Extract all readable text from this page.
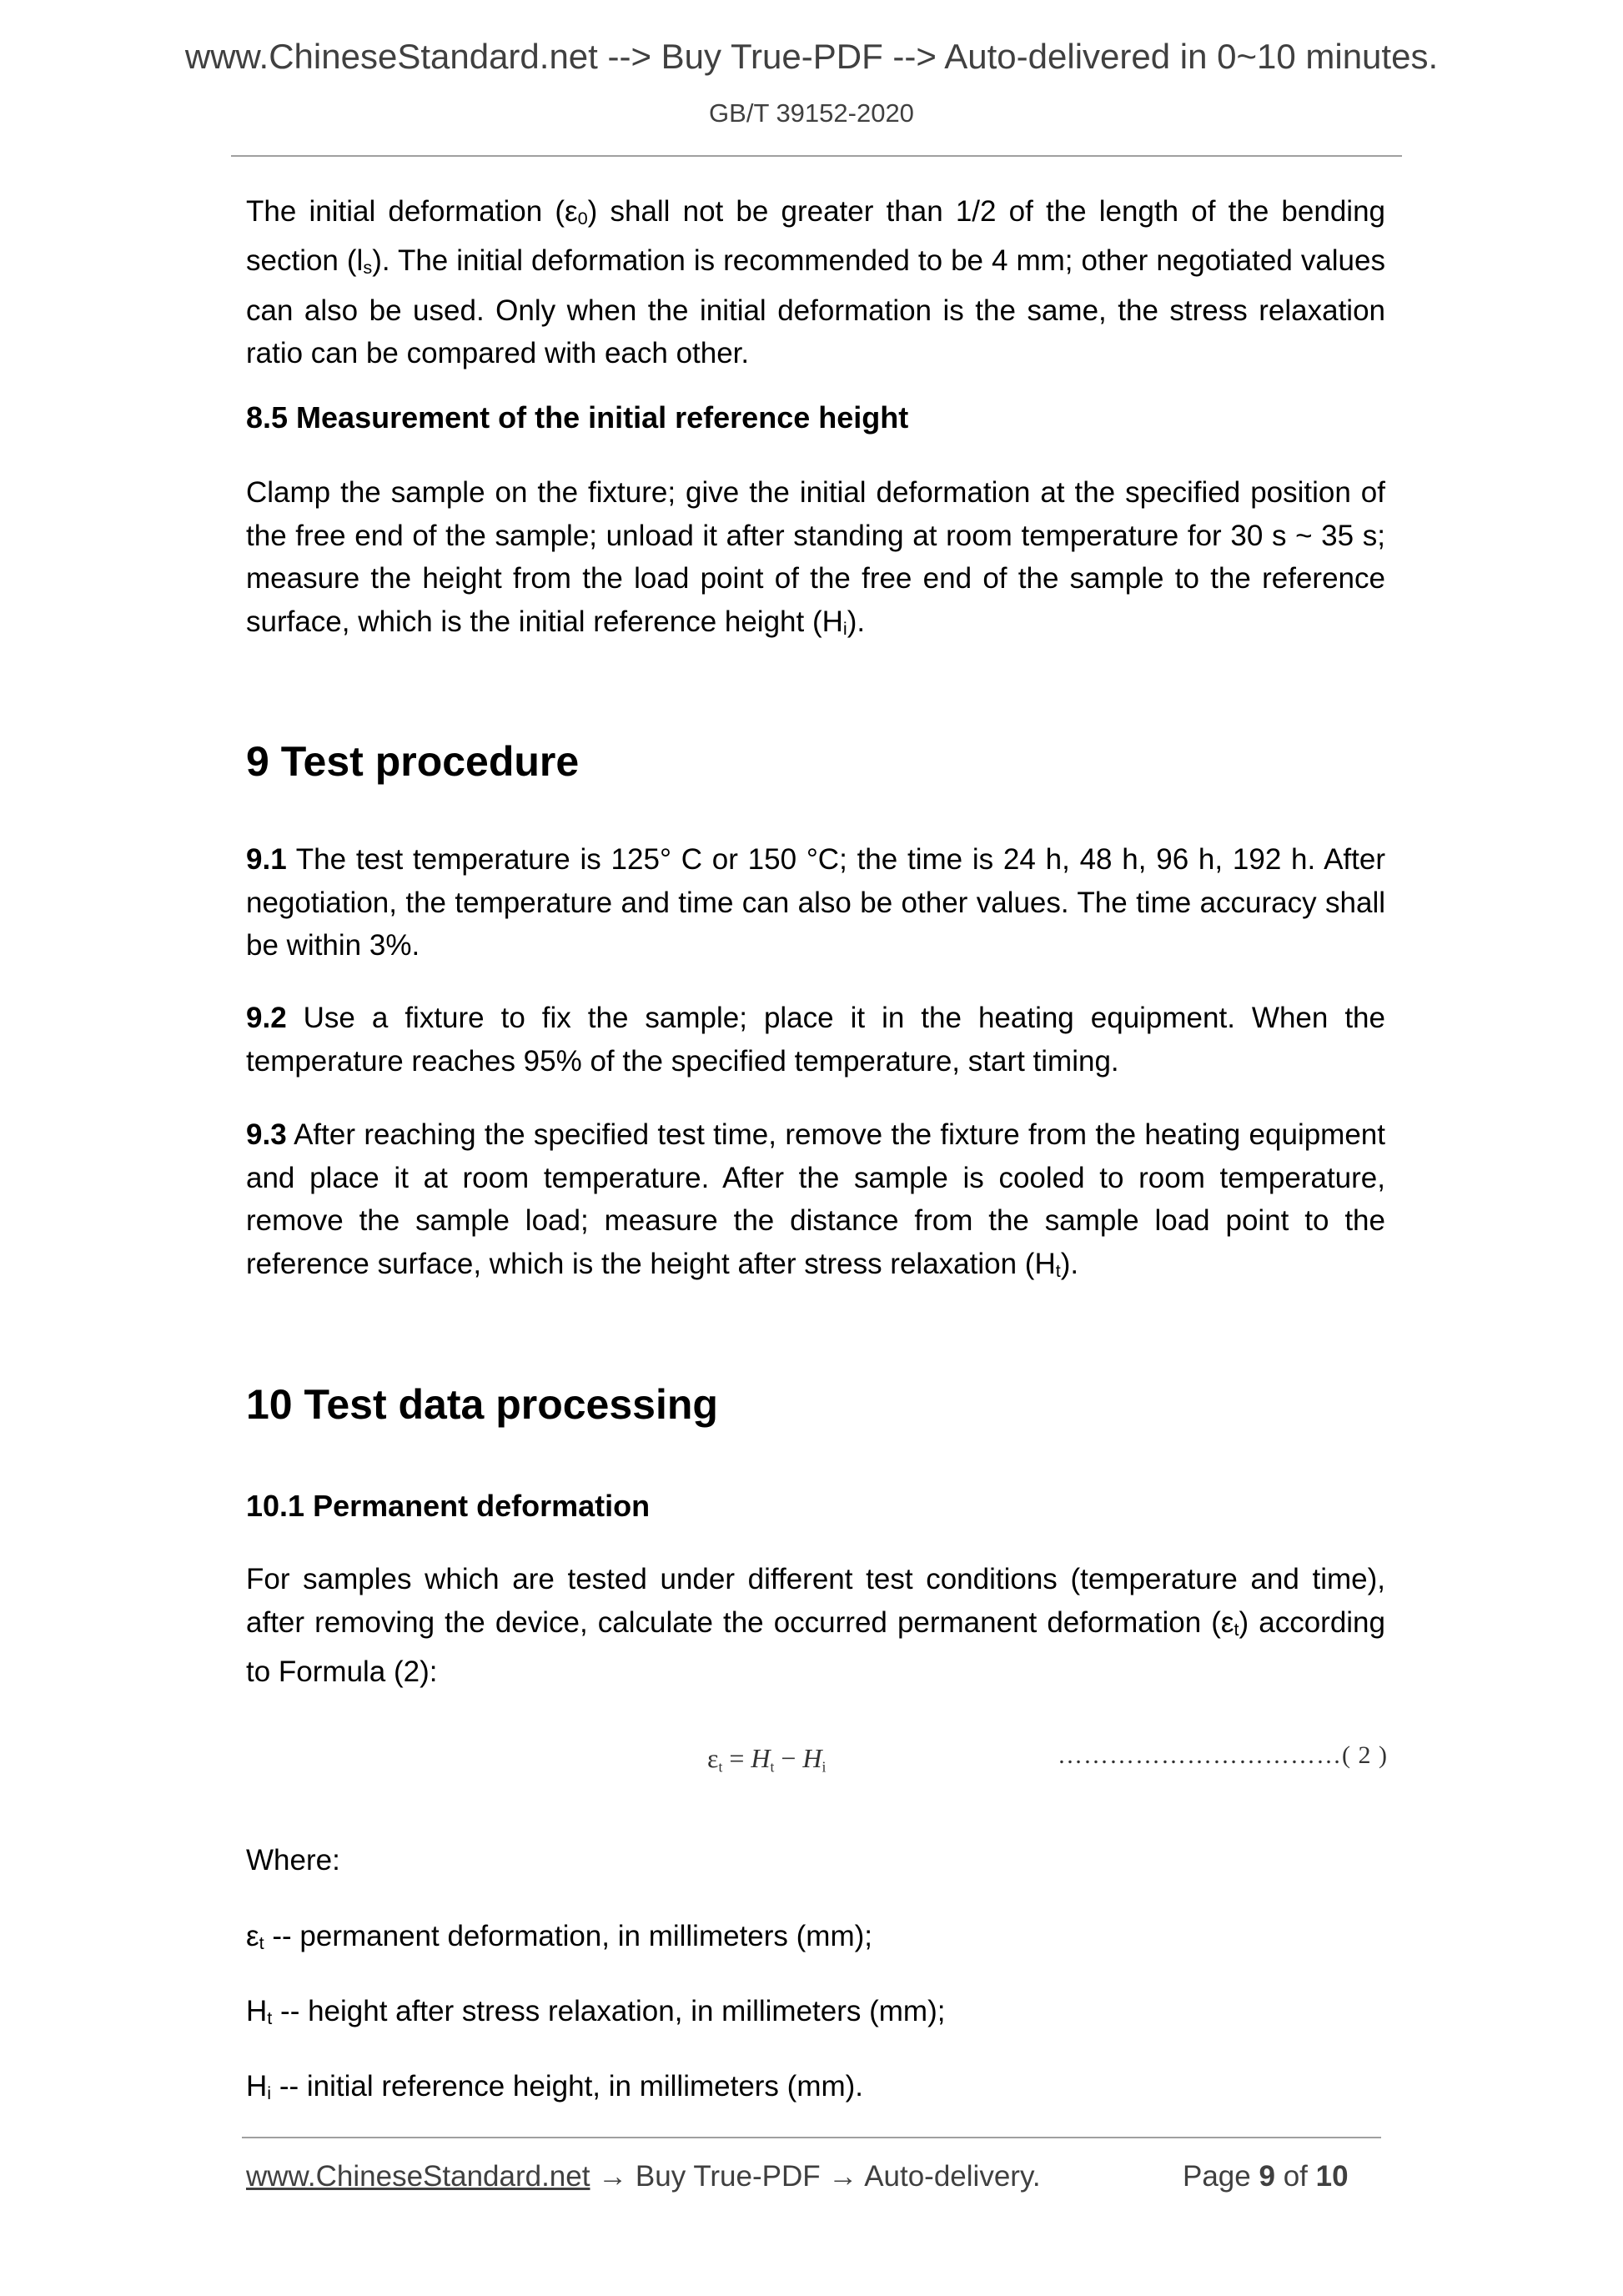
www.ChineseStandard.net --> Buy True-PDF --> Auto-delivered in 0~10 minutes.
GB/T 39152-2020
The initial deformation (ε0) shall not be greater than 1/2 of the length of the bending section (ls). The initial deformation is recommended to be 4 mm; other negotiated values can also be used. Only when the initial deformation is the same, the stress relaxation ratio can be compared with each other.
8.5 Measurement of the initial reference height
Clamp the sample on the fixture; give the initial deformation at the specified position of the free end of the sample; unload it after standing at room temperature for 30 s ~ 35 s; measure the height from the load point of the free end of the sample to the reference surface, which is the initial reference height (Hi).
9 Test procedure
9.1 The test temperature is 125° C or 150 °C; the time is 24 h, 48 h, 96 h, 192 h. After negotiation, the temperature and time can also be other values. The time accuracy shall be within 3%.
9.2 Use a fixture to fix the sample; place it in the heating equipment. When the temperature reaches 95% of the specified temperature, start timing.
9.3 After reaching the specified test time, remove the fixture from the heating equipment and place it at room temperature. After the sample is cooled to room temperature, remove the sample load; measure the distance from the sample load point to the reference surface, which is the height after stress relaxation (Ht).
10 Test data processing
10.1 Permanent deformation
For samples which are tested under different test conditions (temperature and time), after removing the device, calculate the occurred permanent deformation (εt) according to Formula (2):
εt = Ht − Hi	……………………………( 2 )
Where:
εt -- permanent deformation, in millimeters (mm);
Ht -- height after stress relaxation, in millimeters (mm);
Hi -- initial reference height, in millimeters (mm).
www.ChineseStandard.net → Buy True-PDF → Auto-delivery.	Page 9 of 10
